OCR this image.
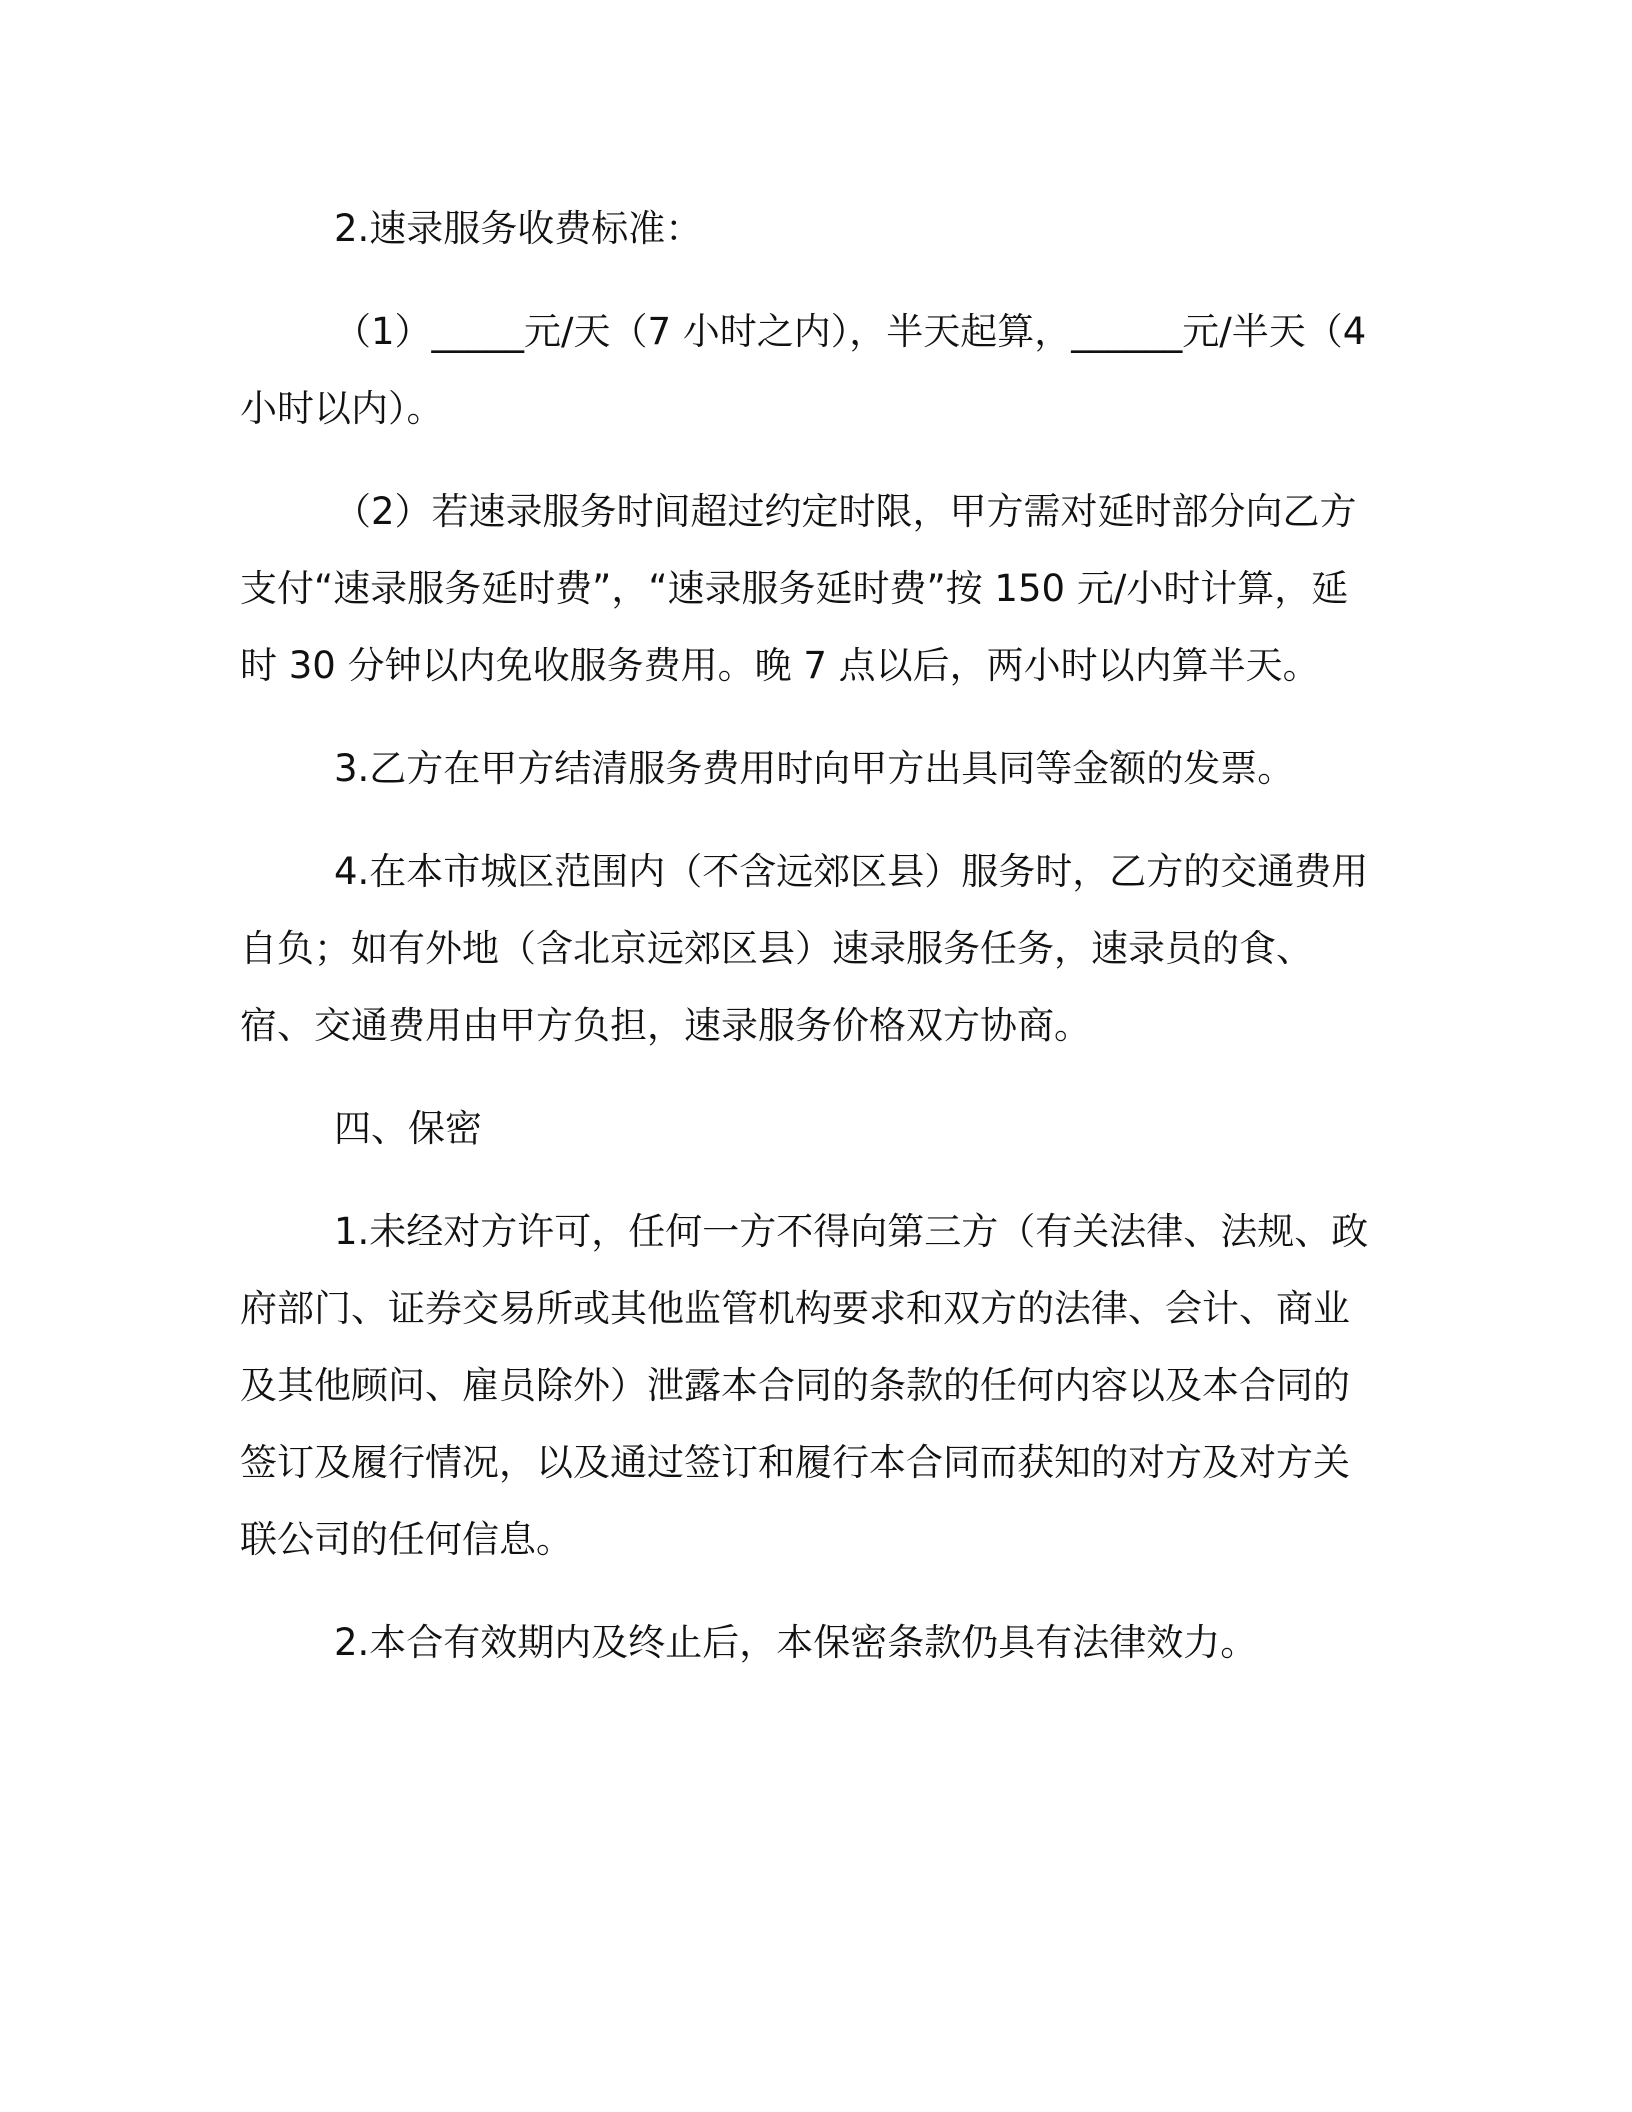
2.速录服务收费标准：

（1）_____元/天（7 小时之内），半天起算，______元/半天（4 小时以内）。

（2）若速录服务时间超过约定时限，甲方需对延时部分向乙方支付“速录服务延时费”，“速录服务延时费”按 150 元/小时计算，延时 30 分钟以内免收服务费用。晚 7 点以后，两小时以内算半天。

3.乙方在甲方结清服务费用时向甲方出具同等金额的发票。

4.在本市城区范围内（不含远郊区县）服务时，乙方的交通费用自负；如有外地（含北京远郊区县）速录服务任务，速录员的食、宿、交通费用由甲方负担，速录服务价格双方协商。

四、保密

1.未经对方许可，任何一方不得向第三方（有关法律、法规、政府部门、证券交易所或其他监管机构要求和双方的法律、会计、商业及其他顾问、雇员除外）泄露本合同的条款的任何内容以及本合同的签订及履行情况，以及通过签订和履行本合同而获知的对方及对方关联公司的任何信息。

2.本合有效期内及终止后，本保密条款仍具有法律效力。
